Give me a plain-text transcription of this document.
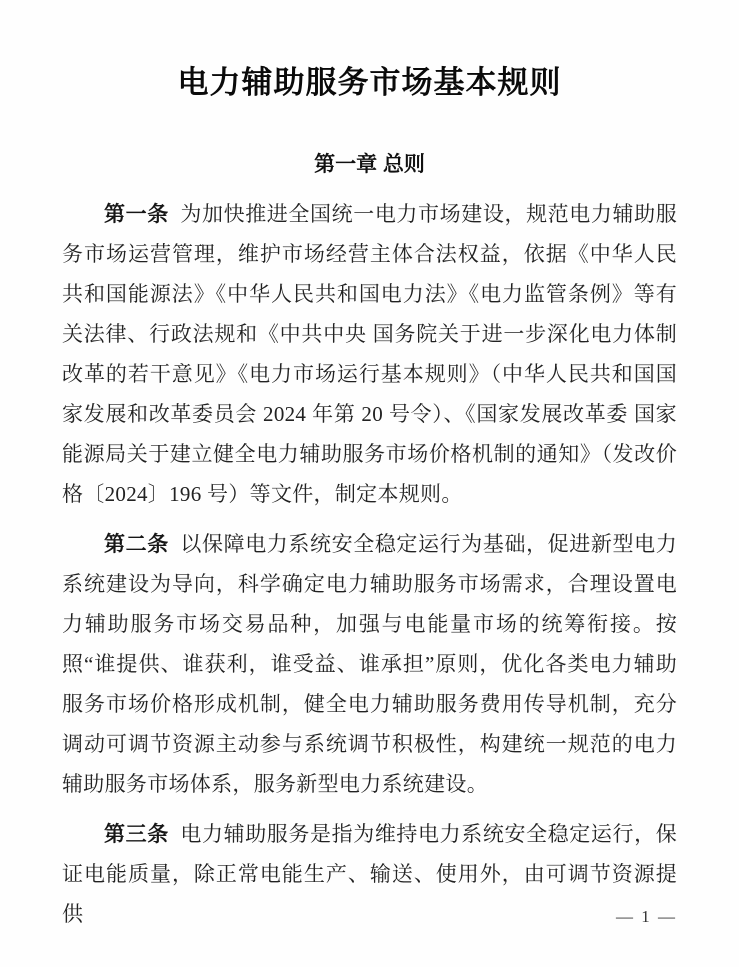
电力辅助服务市场基本规则
第一章 总则

第一条 为加快推进全国统一电力市场建设，规范电力辅助服务市场运营管理，维护市场经营主体合法权益，依据《中华人民共和国能源法》《中华人民共和国电力法》《电力监管条例》等有关法律、行政法规和《中共中央 国务院关于进一步深化电力体制改革的若干意见》《电力市场运行基本规则》（中华人民共和国国家发展和改革委员会 2024 年第 20 号令）、《国家发展改革委 国家能源局关于建立健全电力辅助服务市场价格机制的通知》（发改价格〔2024〕196 号）等文件，制定本规则。

第二条 以保障电力系统安全稳定运行为基础，促进新型电力系统建设为导向，科学确定电力辅助服务市场需求，合理设置电力辅助服务市场交易品种，加强与电能量市场的统筹衔接。按照“谁提供、谁获利，谁受益、谁承担”原则，优化各类电力辅助服务市场价格形成机制，健全电力辅助服务费用传导机制，充分调动可调节资源主动参与系统调节积极性，构建统一规范的电力辅助服务市场体系，服务新型电力系统建设。

第三条 电力辅助服务是指为维持电力系统安全稳定运行，保证电能质量，除正常电能生产、输送、使用外，由可调节资源提供	— 1 —
